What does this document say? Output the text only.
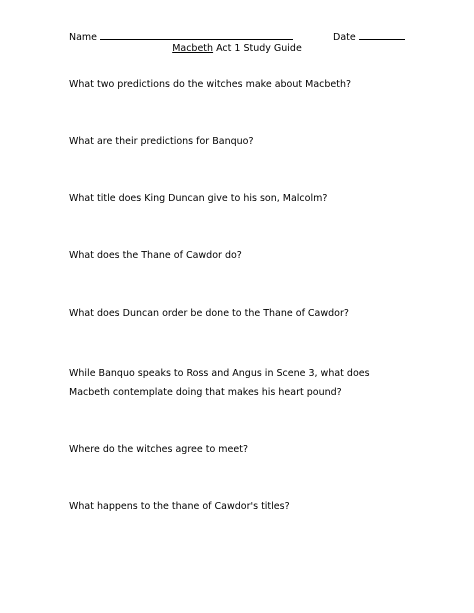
Name	Date
Macbeth Act 1 Study Guide
What two predictions do the witches make about Macbeth?
What are their predictions for Banquo?
What title does King Duncan give to his son, Malcolm?
What does the Thane of Cawdor do?
What does Duncan order be done to the Thane of Cawdor?
While Banquo speaks to Ross and Angus in Scene 3, what does Macbeth contemplate doing that makes his heart pound?
Where do the witches agree to meet?
What happens to the thane of Cawdor's titles?
